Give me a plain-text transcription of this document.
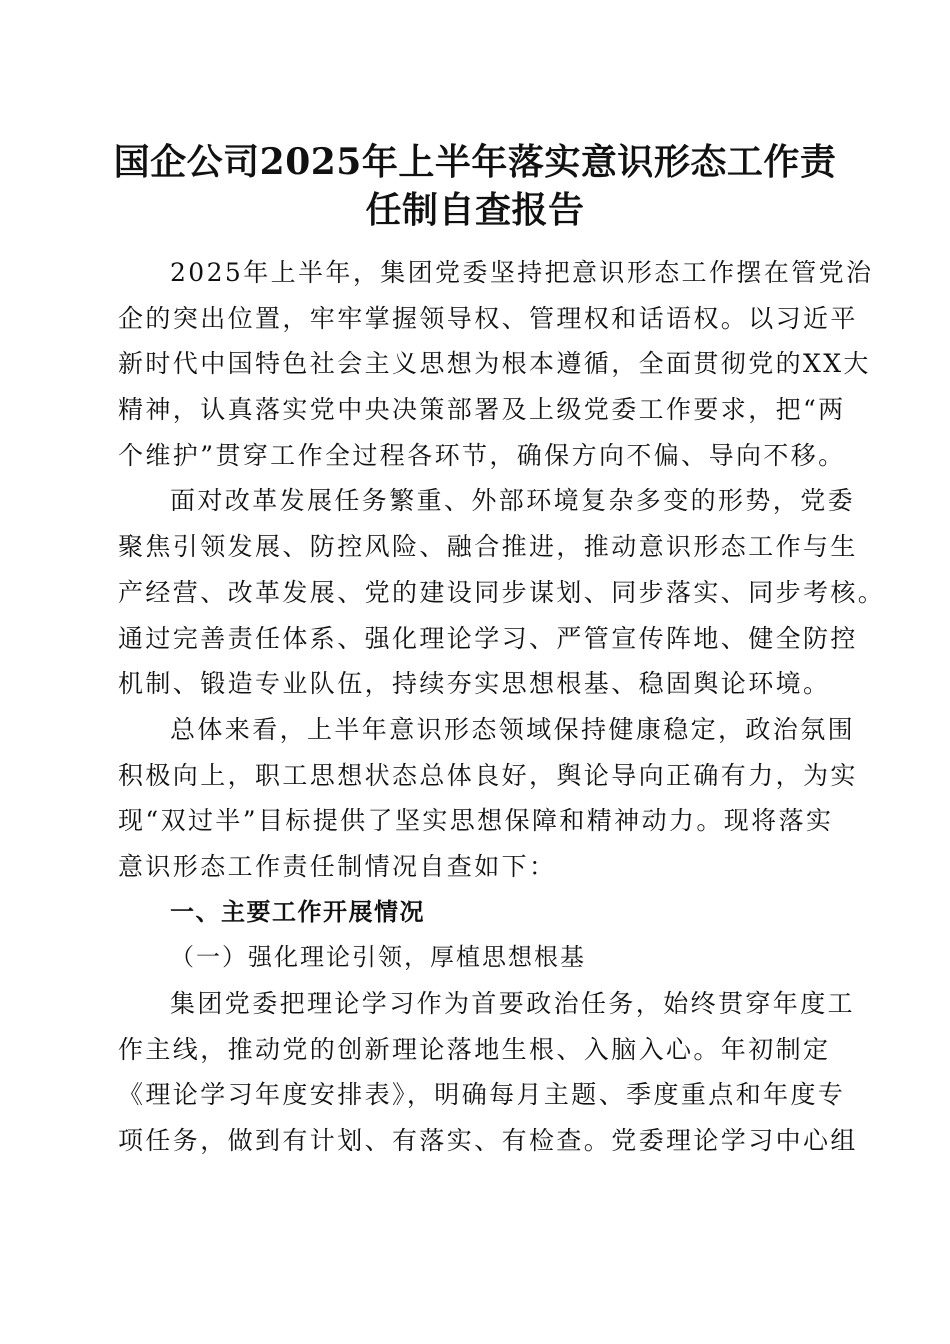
国企公司2025年上半年落实意识形态工作责
任制自查报告
2025年上半年，集团党委坚持把意识形态工作摆在管党治
企的突出位置，牢牢掌握领导权、管理权和话语权。以习近平
新时代中国特色社会主义思想为根本遵循，全面贯彻党的XX大
精神，认真落实党中央决策部署及上级党委工作要求，把“两
个维护”贯穿工作全过程各环节，确保方向不偏、导向不移。
面对改革发展任务繁重、外部环境复杂多变的形势，党委
聚焦引领发展、防控风险、融合推进，推动意识形态工作与生
产经营、改革发展、党的建设同步谋划、同步落实、同步考核。
通过完善责任体系、强化理论学习、严管宣传阵地、健全防控
机制、锻造专业队伍，持续夯实思想根基、稳固舆论环境。
总体来看，上半年意识形态领域保持健康稳定，政治氛围
积极向上，职工思想状态总体良好，舆论导向正确有力，为实
现“双过半”目标提供了坚实思想保障和精神动力。现将落实
意识形态工作责任制情况自查如下：
一、主要工作开展情况
（一）强化理论引领，厚植思想根基
集团党委把理论学习作为首要政治任务，始终贯穿年度工
作主线，推动党的创新理论落地生根、入脑入心。年初制定
《理论学习年度安排表》，明确每月主题、季度重点和年度专
项任务，做到有计划、有落实、有检查。党委理论学习中心组
